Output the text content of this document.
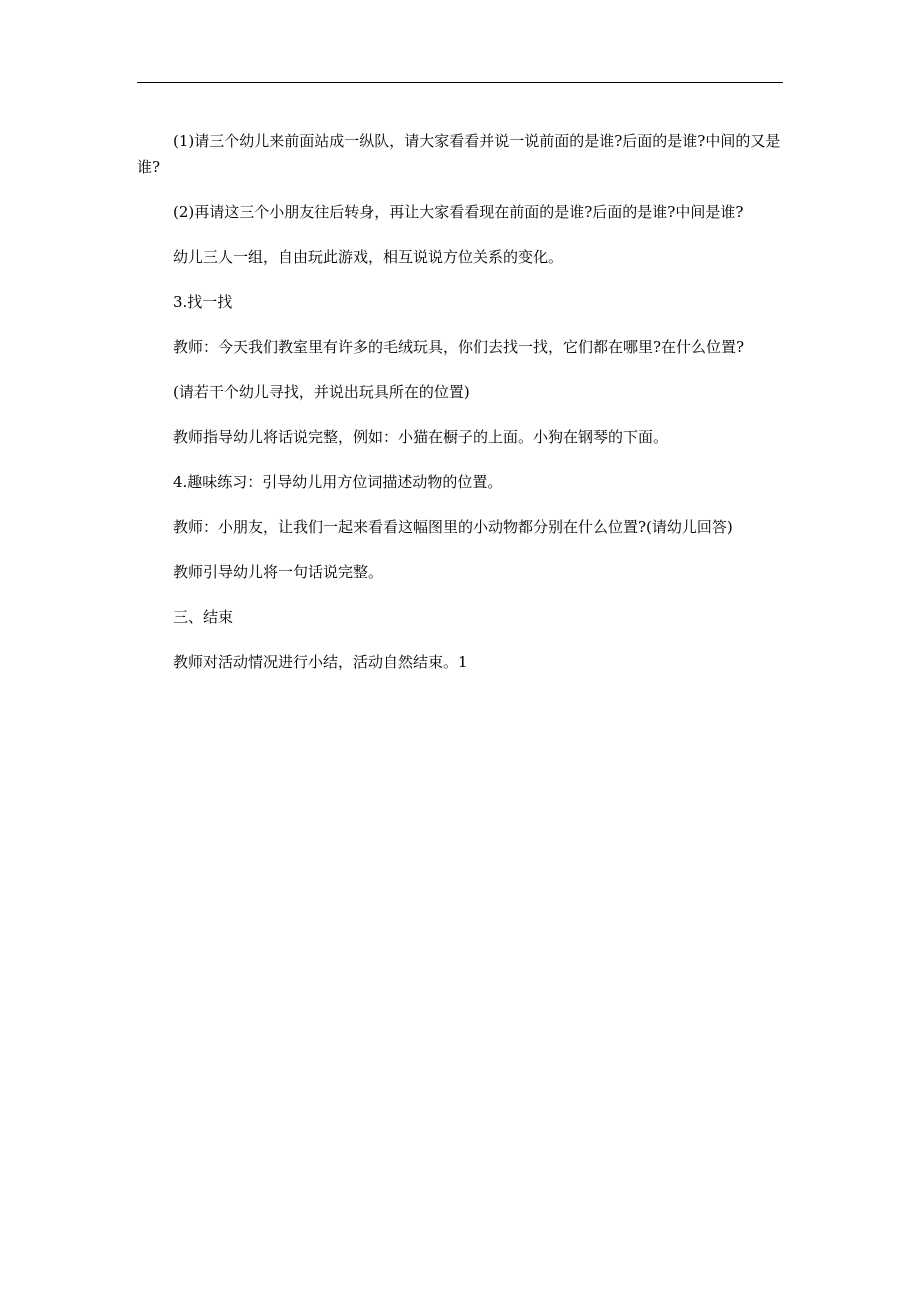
(1)请三个幼儿来前面站成一纵队，请大家看看并说一说前面的是谁?后面的是谁?中间的又是谁?

(2)再请这三个小朋友往后转身，再让大家看看现在前面的是谁?后面的是谁?中间是谁?

幼儿三人一组，自由玩此游戏，相互说说方位关系的变化。

3.找一找

教师：今天我们教室里有许多的毛绒玩具，你们去找一找，它们都在哪里?在什么位置?

(请若干个幼儿寻找，并说出玩具所在的位置)

教师指导幼儿将话说完整，例如：小猫在橱子的上面。小狗在钢琴的下面。

4.趣味练习：引导幼儿用方位词描述动物的位置。

教师：小朋友，让我们一起来看看这幅图里的小动物都分别在什么位置?(请幼儿回答)

教师引导幼儿将一句话说完整。

三、结束

教师对活动情况进行小结，活动自然结束。1
